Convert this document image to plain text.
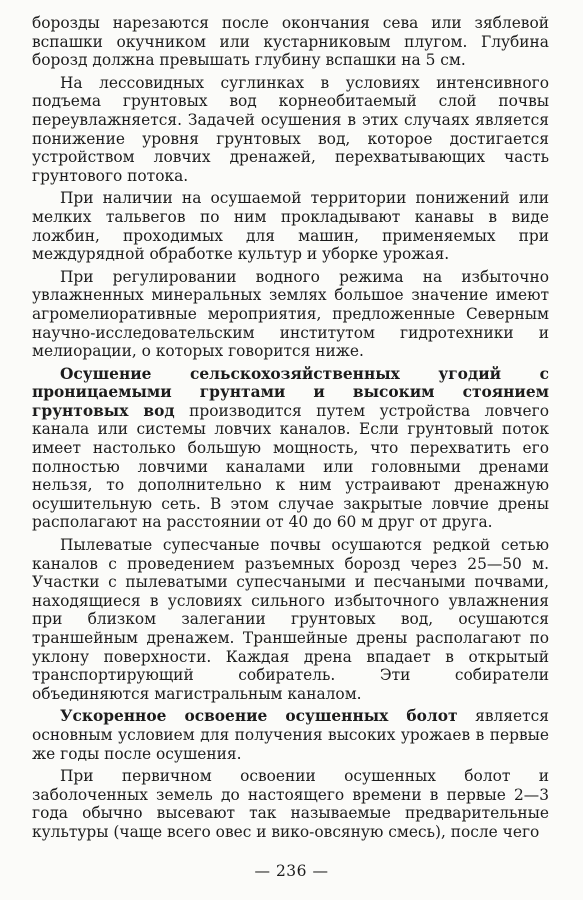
борозды нарезаются после окончания сева или зяблевой вспашки окучником или кустарниковым плугом. Глубина борозд должна превышать глубину вспашки на 5 см.

На лессовидных суглинках в условиях интенсивного подъема грунтовых вод корнеобитаемый слой почвы переувлажняется. Задачей осушения в этих случаях является понижение уровня грунтовых вод, которое достигается устройством ловчих дренажей, перехватывающих часть грунтового потока.

При наличии на осушаемой территории понижений или мелких тальвегов по ним прокладывают канавы в виде ложбин, проходимых для машин, применяемых при междурядной обработке культур и уборке урожая.

При регулировании водного режима на избыточно увлажненных минеральных землях большое значение имеют агромелиоративные мероприятия, предложенные Северным научно-исследовательским институтом гидротехники и мелиорации, о которых говорится ниже.

Осушение сельскохозяйственных угодий с проницаемыми грунтами и высоким стоянием грунтовых вод производится путем устройства ловчего канала или системы ловчих каналов. Если грунтовый поток имеет настолько большую мощность, что перехватить его полностью ловчими каналами или головными дренами нельзя, то дополнительно к ним устраивают дренажную осушительную сеть. В этом случае закрытые ловчие дрены располагают на расстоянии от 40 до 60 м друг от друга.

Пылеватые супесчаные почвы осушаются редкой сетью каналов с проведением разъемных борозд через 25—50 м. Участки с пылеватыми супесчаными и песчаными почвами, находящиеся в условиях сильного избыточного увлажнения при близком залегании грунтовых вод, осушаются траншейным дренажем. Траншейные дрены располагают по уклону поверхности. Каждая дрена впадает в открытый транспортирующий собиратель. Эти собиратели объединяются магистральным каналом.

Ускоренное освоение осушенных болот является основным условием для получения высоких урожаев в первые же годы после осушения.

При первичном освоении осушенных болот и заболоченных земель до настоящего времени в первые 2—3 года обычно высевают так называемые предварительные культуры (чаще всего овес и вико-овсяную смесь), после чего

— 236 —
